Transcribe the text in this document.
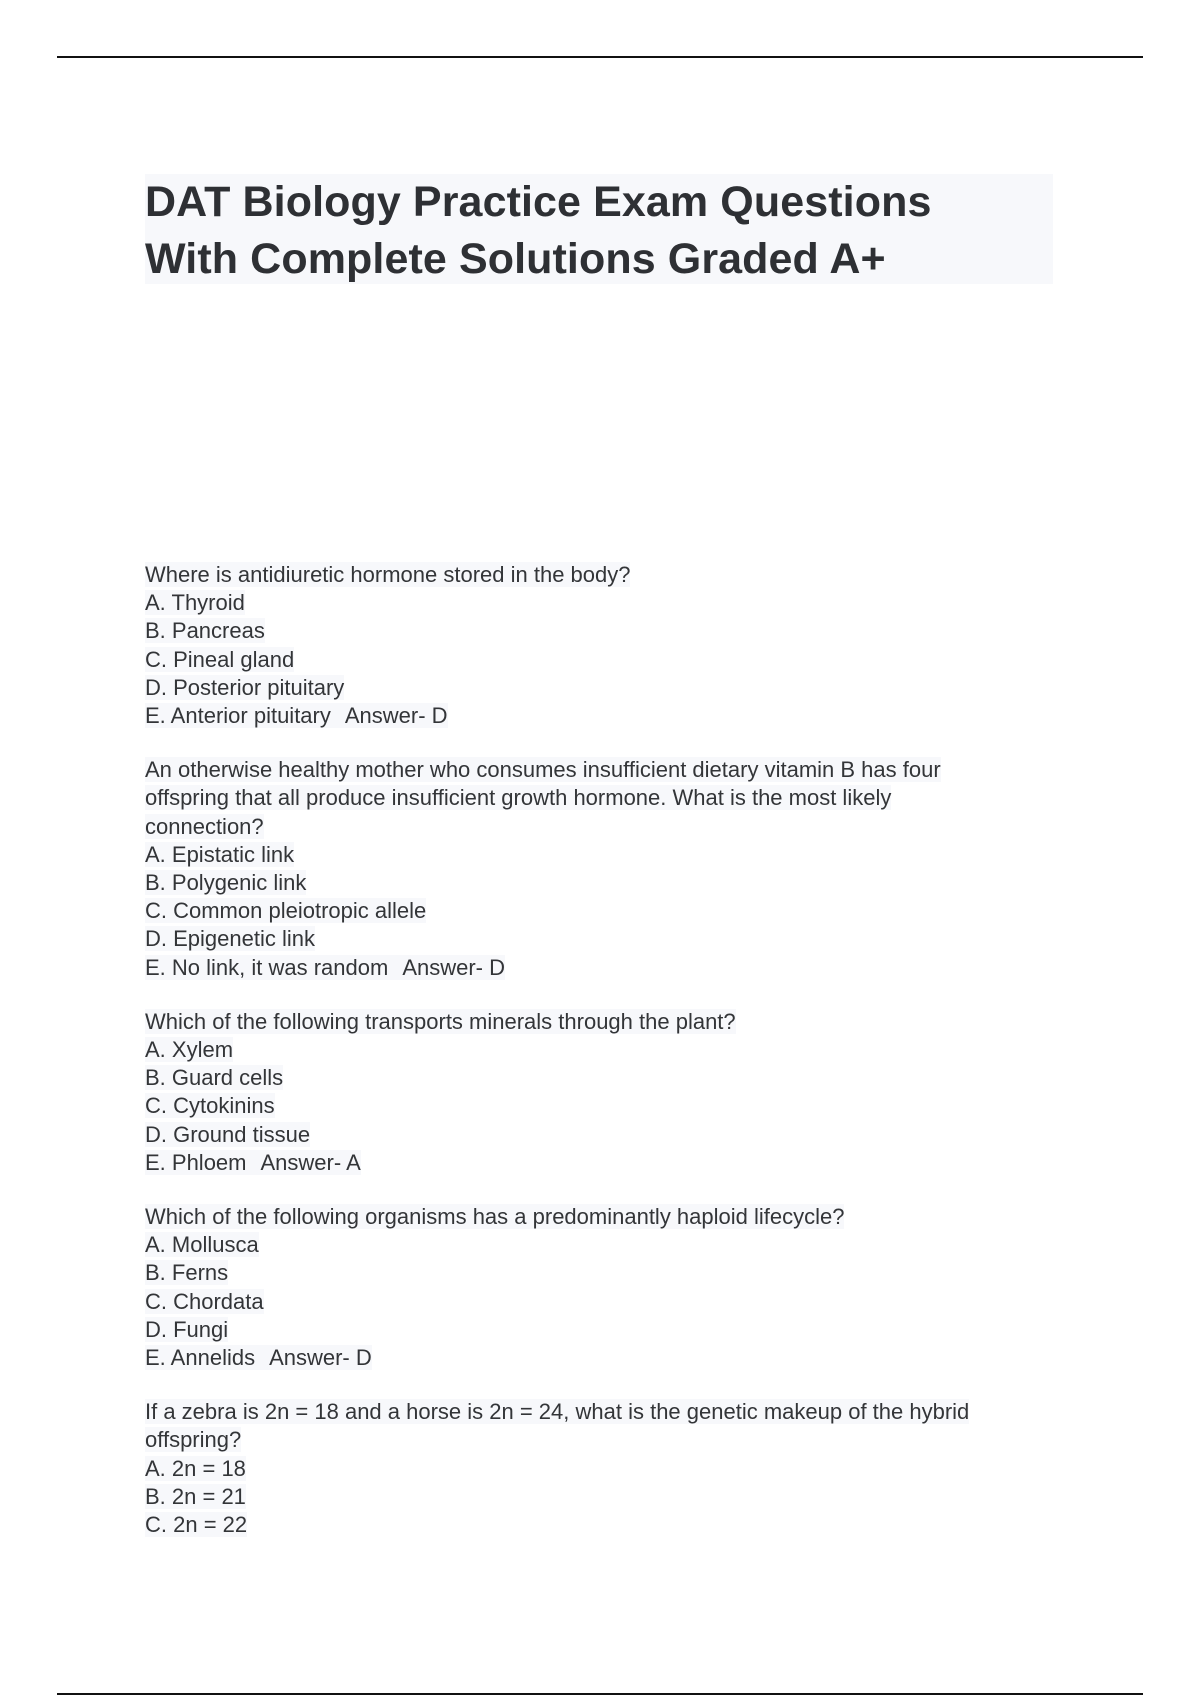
DAT Biology Practice Exam Questions
With Complete Solutions Graded A+
Where is antidiuretic hormone stored in the body?
A. Thyroid
B. Pancreas
C. Pineal gland
D. Posterior pituitary
E. Anterior pituitary Answer- D
An otherwise healthy mother who consumes insufficient dietary vitamin B has four
offspring that all produce insufficient growth hormone. What is the most likely
connection?
A. Epistatic link
B. Polygenic link
C. Common pleiotropic allele
D. Epigenetic link
E. No link, it was random Answer- D
Which of the following transports minerals through the plant?
A. Xylem
B. Guard cells
C. Cytokinins
D. Ground tissue
E. Phloem Answer- A
Which of the following organisms has a predominantly haploid lifecycle?
A. Mollusca
B. Ferns
C. Chordata
D. Fungi
E. Annelids Answer- D
If a zebra is 2n = 18 and a horse is 2n = 24, what is the genetic makeup of the hybrid
offspring?
A. 2n = 18
B. 2n = 21
C. 2n = 22
